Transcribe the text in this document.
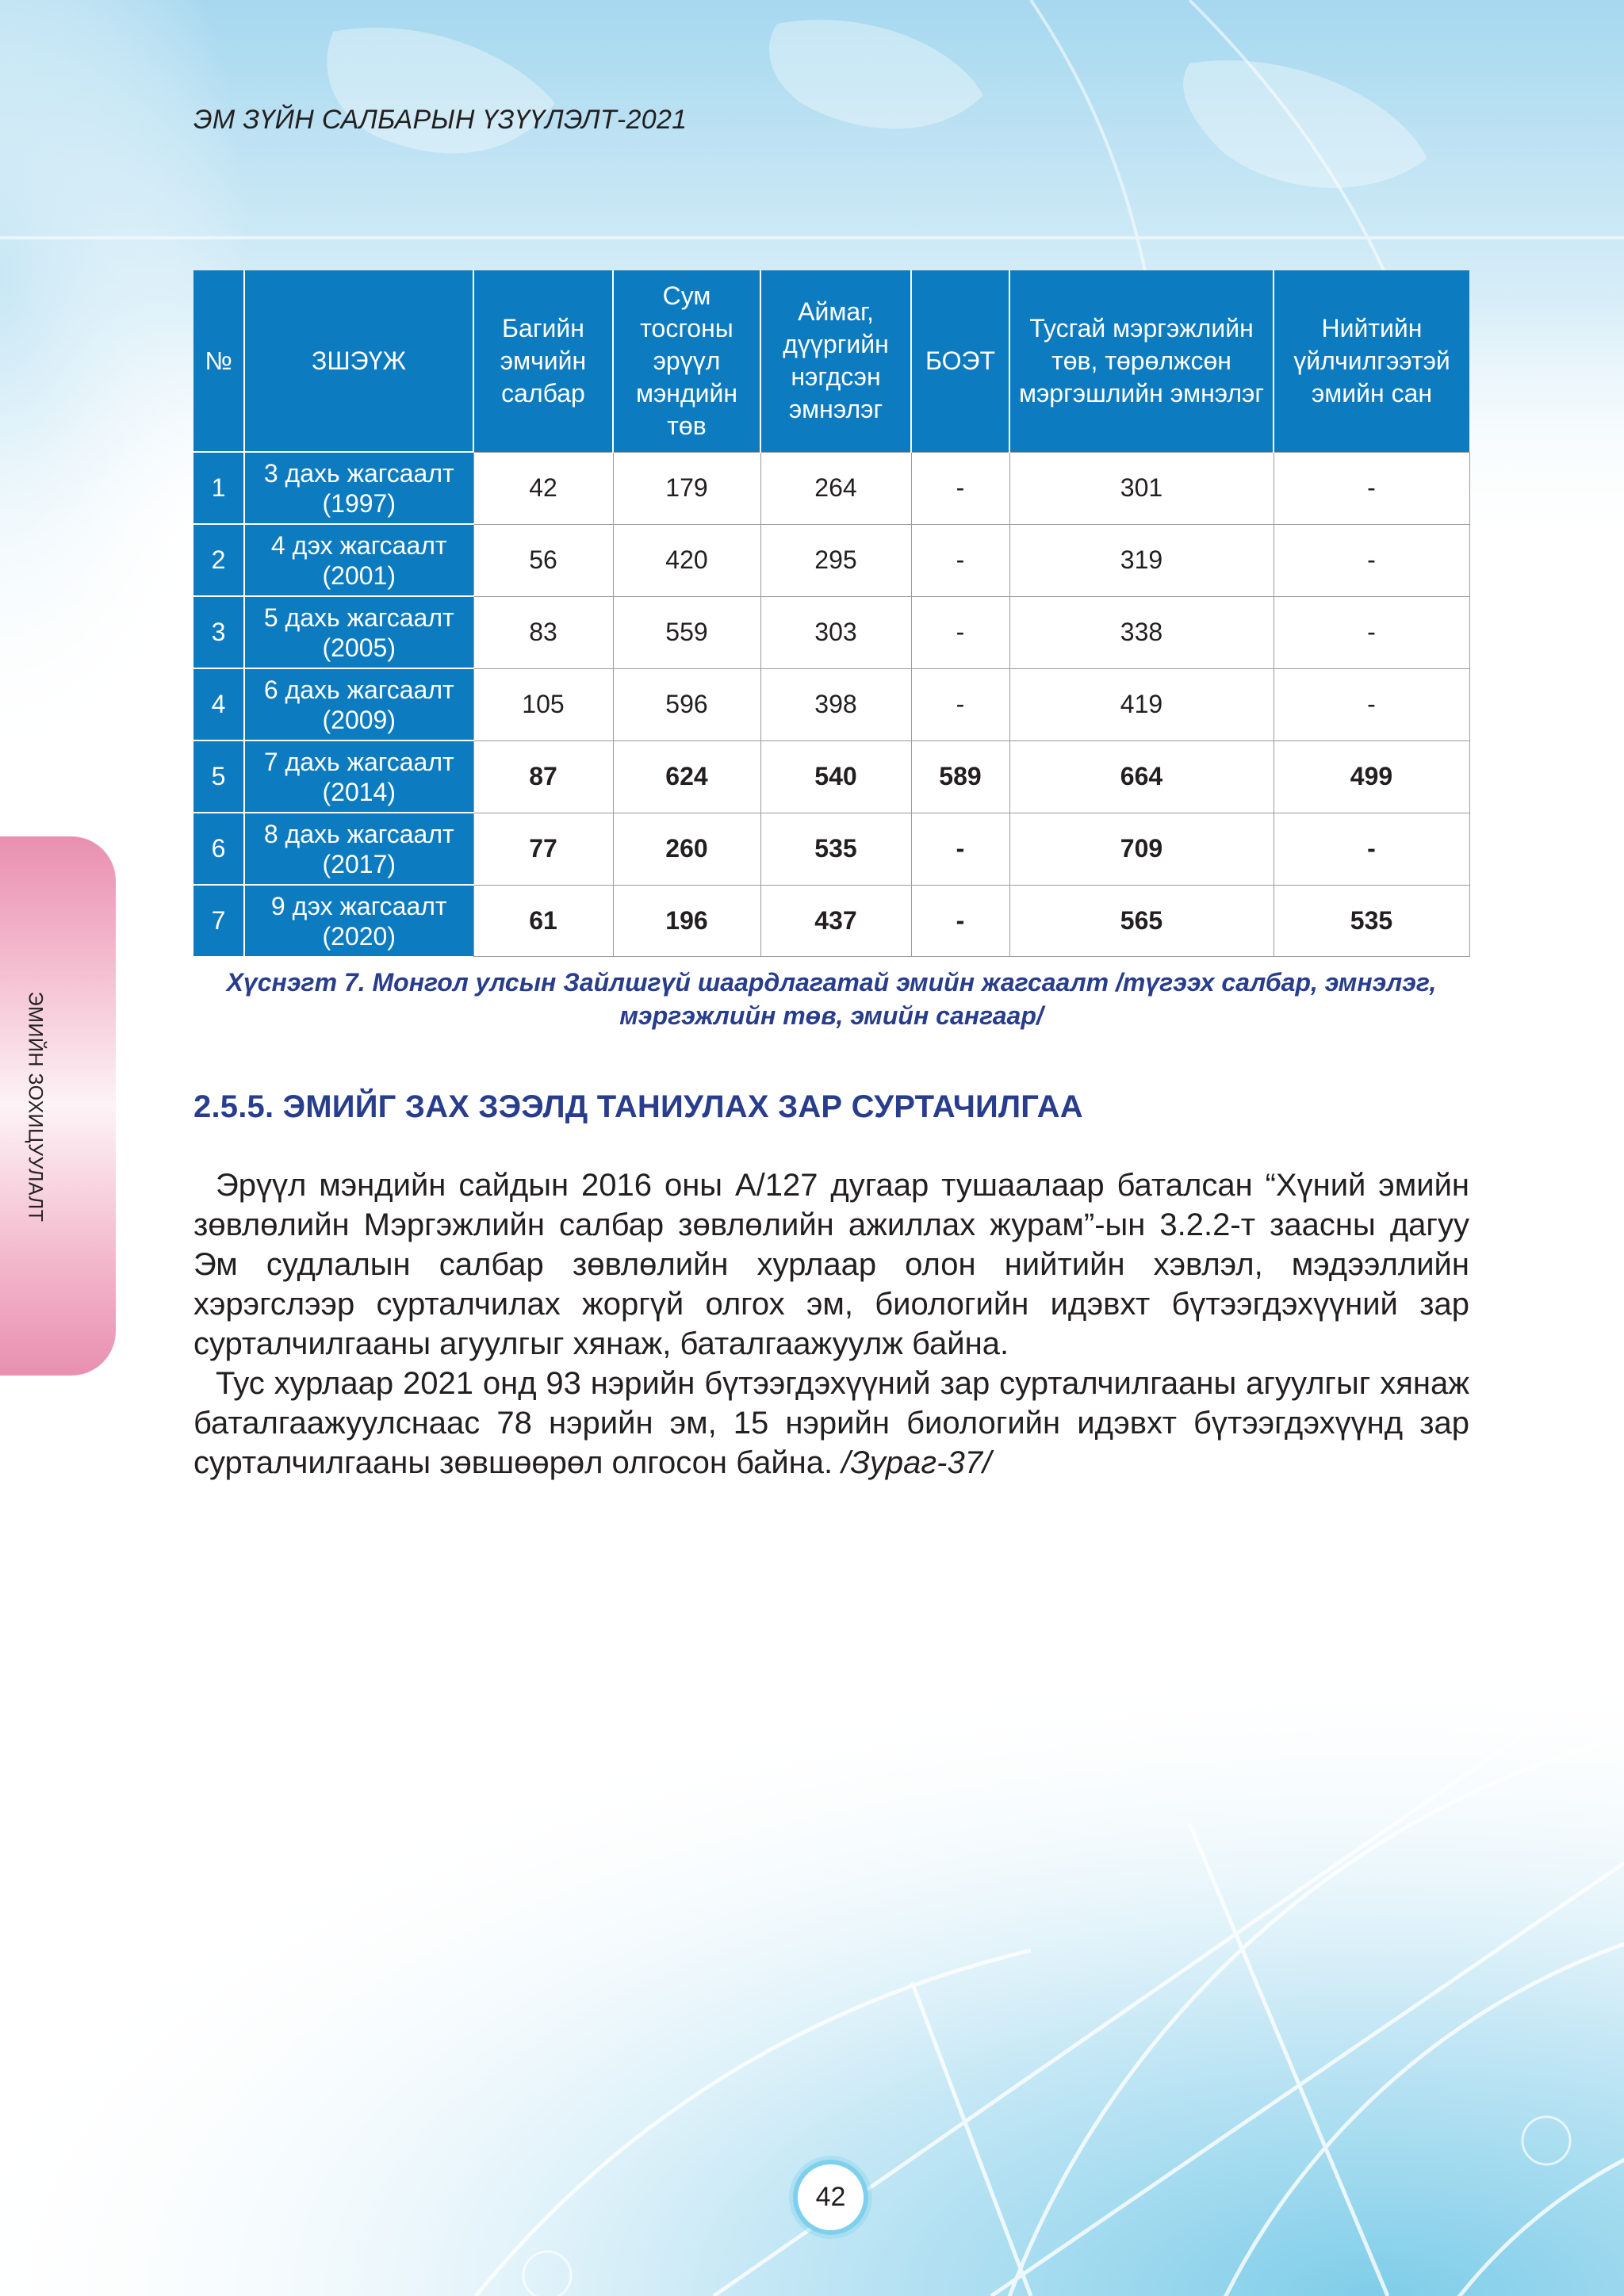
ЭМ ЗҮЙН САЛБАРЫН ҮЗҮҮЛЭЛТ-2021
ЭМИЙН ЗОХИЦУУЛАЛТ
№	ЗШЭҮЖ	Багийн эмчийн салбар	Сум тосгоны эрүүл мэндийн төв	Аймаг, дүүргийн нэгдсэн эмнэлэг	БОЭТ	Тусгай мэргэжлийн төв, төрөлжсөн мэргэшлийн эмнэлэг	Нийтийн үйлчилгээтэй эмийн сан
1	3 дахь жагсаалт (1997)	42	179	264	-	301	-
2	4 дэх жагсаалт (2001)	56	420	295	-	319	-
3	5 дахь жагсаалт (2005)	83	559	303	-	338	-
4	6 дахь жагсаалт (2009)	105	596	398	-	419	-
5	7 дахь жагсаалт (2014)	87	624	540	589	664	499
6	8 дахь жагсаалт (2017)	77	260	535	-	709	-
7	9 дэх жагсаалт (2020)	61	196	437	-	565	535
Хүснэгт 7. Монгол улсын Зайлшгүй шаардлагатай эмийн жагсаалт /түгээх салбар, эмнэлэг, мэргэжлийн төв, эмийн сангаар/
2.5.5. ЭМИЙГ ЗАХ ЗЭЭЛД ТАНИУЛАХ ЗАР СУРТАЧИЛГАА

Эрүүл мэндийн сайдын 2016 оны А/127 дугаар тушаалаар баталсан “Хүний эмийн зөвлөлийн Мэргэжлийн салбар зөвлөлийн ажиллах журам”-ын 3.2.2-т заасны дагуу Эм судлалын салбар зөвлөлийн хурлаар олон нийтийн хэвлэл, мэдээллийн хэрэгслээр сурталчилах жоргүй олгох эм, биологийн идэвхт бүтээгдэхүүний зар сурталчилгааны агуулгыг хянаж, баталгаажуулж байна.

Тус хурлаар 2021 онд 93 нэрийн бүтээгдэхүүний зар сурталчилгааны агуулгыг хянаж баталгаажуулснаас 78 нэрийн эм, 15 нэрийн биологийн идэвхт бүтээгдэхүүнд зар сурталчилгааны зөвшөөрөл олгосон байна. /Зураг-37/

42
